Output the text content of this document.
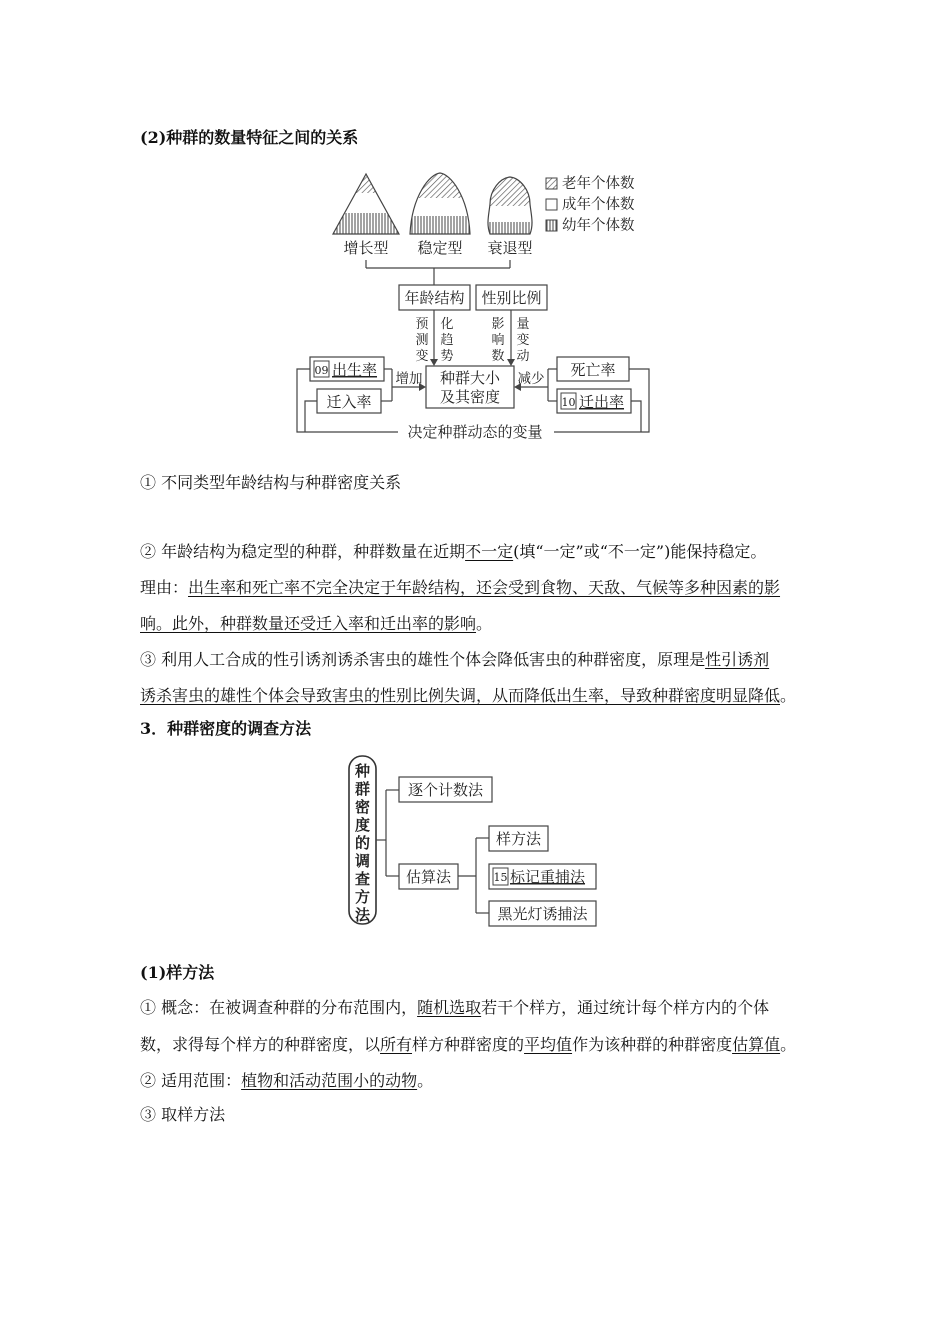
(2)种群的数量特征之间的关系
增长型 稳定型 衰退型
老年个体数
成年个体数
幼年个体数
年龄结构 性别比例
预
测
变
化
趋
势
影
响
数
量
变
动
种群大小
及其密度
09 出生率
迁入率
增加	死亡率
10 迁出率
减少
决定种群动态的变量
① 不同类型年龄结构与种群密度关系
② 年龄结构为稳定型的种群，种群数量在近期不一定(填“一定”或“不一定”)能保持稳定。
理由：出生率和死亡率不完全决定于年龄结构，还会受到食物、天敌、气候等多种因素的影
响。此外，种群数量还受迁入率和迁出率的影响。
③ 利用人工合成的性引诱剂诱杀害虫的雄性个体会降低害虫的种群密度，原理是性引诱剂
诱杀害虫的雄性个体会导致害虫的性别比例失调，从而降低出生率，导致种群密度明显降低。
3．种群密度的调查方法
种
群
密
度
的
调
查
方
法
逐个计数法
估算法
样方法
15 标记重捕法
黑光灯诱捕法
(1)样方法
① 概念：在被调查种群的分布范围内，随机选取若干个样方，通过统计每个样方内的个体
数，求得每个样方的种群密度，以所有样方种群密度的平均值作为该种群的种群密度估算值。
② 适用范围：植物和活动范围小的动物。
③ 取样方法
